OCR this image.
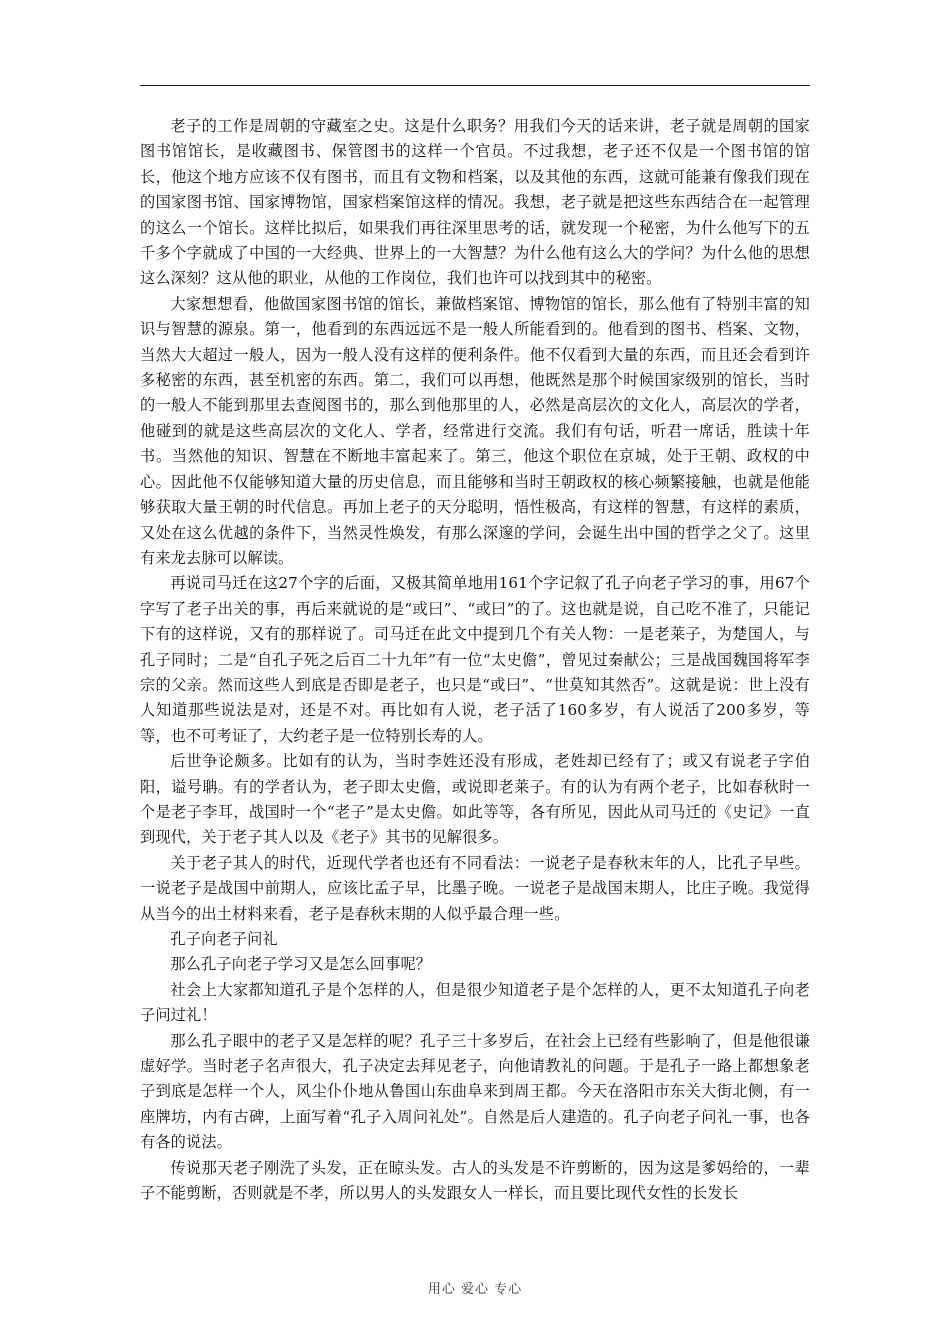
老子的工作是周朝的守藏室之史。这是什么职务？用我们今天的话来讲，老子就是周朝的国家图书馆馆长，是收藏图书、保管图书的这样一个官员。不过我想，老子还不仅是一个图书馆的馆长，他这个地方应该不仅有图书，而且有文物和档案，以及其他的东西，这就可能兼有像我们现在的国家图书馆、国家博物馆，国家档案馆这样的情况。我想，老子就是把这些东西结合在一起管理的这么一个馆长。这样比拟后，如果我们再往深里思考的话，就发现一个秘密，为什么他写下的五千多个字就成了中国的一大经典、世界上的一大智慧？为什么他有这么大的学问？为什么他的思想这么深刻？这从他的职业，从他的工作岗位，我们也许可以找到其中的秘密。

大家想想看，他做国家图书馆的馆长，兼做档案馆、博物馆的馆长，那么他有了特别丰富的知识与智慧的源泉。第一，他看到的东西远远不是一般人所能看到的。他看到的图书、档案、文物，当然大大超过一般人，因为一般人没有这样的便利条件。他不仅看到大量的东西，而且还会看到许多秘密的东西，甚至机密的东西。第二，我们可以再想，他既然是那个时候国家级别的馆长，当时的一般人不能到那里去查阅图书的，那么到他那里的人，必然是高层次的文化人，高层次的学者，他碰到的就是这些高层次的文化人、学者，经常进行交流。我们有句话，听君一席话，胜读十年书。当然他的知识、智慧在不断地丰富起来了。第三，他这个职位在京城，处于王朝、政权的中心。因此他不仅能够知道大量的历史信息，而且能够和当时王朝政权的核心频繁接触，也就是他能够获取大量王朝的时代信息。再加上老子的天分聪明，悟性极高，有这样的智慧，有这样的素质，又处在这么优越的条件下，当然灵性焕发，有那么深邃的学问，会诞生出中国的哲学之父了。这里有来龙去脉可以解读。

再说司马迁在这27个字的后面，又极其简单地用161个字记叙了孔子向老子学习的事，用67个字写了老子出关的事，再后来就说的是“或曰”、“或曰”的了。这也就是说，自己吃不准了，只能记下有的这样说，又有的那样说了。司马迁在此文中提到几个有关人物：一是老莱子，为楚国人，与孔子同时；二是“自孔子死之后百二十九年”有一位“太史儋”，曾见过秦献公；三是战国魏国将军李宗的父亲。然而这些人到底是否即是老子，也只是“或曰”、“世莫知其然否”。这就是说：世上没有人知道那些说法是对，还是不对。再比如有人说，老子活了160多岁，有人说活了200多岁，等等，也不可考证了，大约老子是一位特别长寿的人。

后世争论颇多。比如有的认为，当时李姓还没有形成，老姓却已经有了；或又有说老子字伯阳，谥号聃。有的学者认为，老子即太史儋，或说即老莱子。有的认为有两个老子，比如春秋时一个是老子李耳，战国时一个“老子”是太史儋。如此等等，各有所见，因此从司马迁的《史记》一直到现代，关于老子其人以及《老子》其书的见解很多。

关于老子其人的时代，近现代学者也还有不同看法：一说老子是春秋末年的人，比孔子早些。一说老子是战国中前期人，应该比孟子早，比墨子晚。一说老子是战国末期人，比庄子晚。我觉得从当今的出土材料来看，老子是春秋末期的人似乎最合理一些。

孔子向老子问礼

那么孔子向老子学习又是怎么回事呢？

社会上大家都知道孔子是个怎样的人，但是很少知道老子是个怎样的人，更不太知道孔子向老子问过礼！

那么孔子眼中的老子又是怎样的呢？孔子三十多岁后，在社会上已经有些影响了，但是他很谦虚好学。当时老子名声很大，孔子决定去拜见老子，向他请教礼的问题。于是孔子一路上都想象老子到底是怎样一个人，风尘仆仆地从鲁国山东曲阜来到周王都。今天在洛阳市东关大街北侧，有一座牌坊，内有古碑，上面写着“孔子入周问礼处”。自然是后人建造的。孔子向老子问礼一事，也各有各的说法。

传说那天老子刚洗了头发，正在晾头发。古人的头发是不许剪断的，因为这是爹妈给的，一辈子不能剪断，否则就是不孝，所以男人的头发跟女人一样长，而且要比现代女性的长发长

用心 爱心 专心
